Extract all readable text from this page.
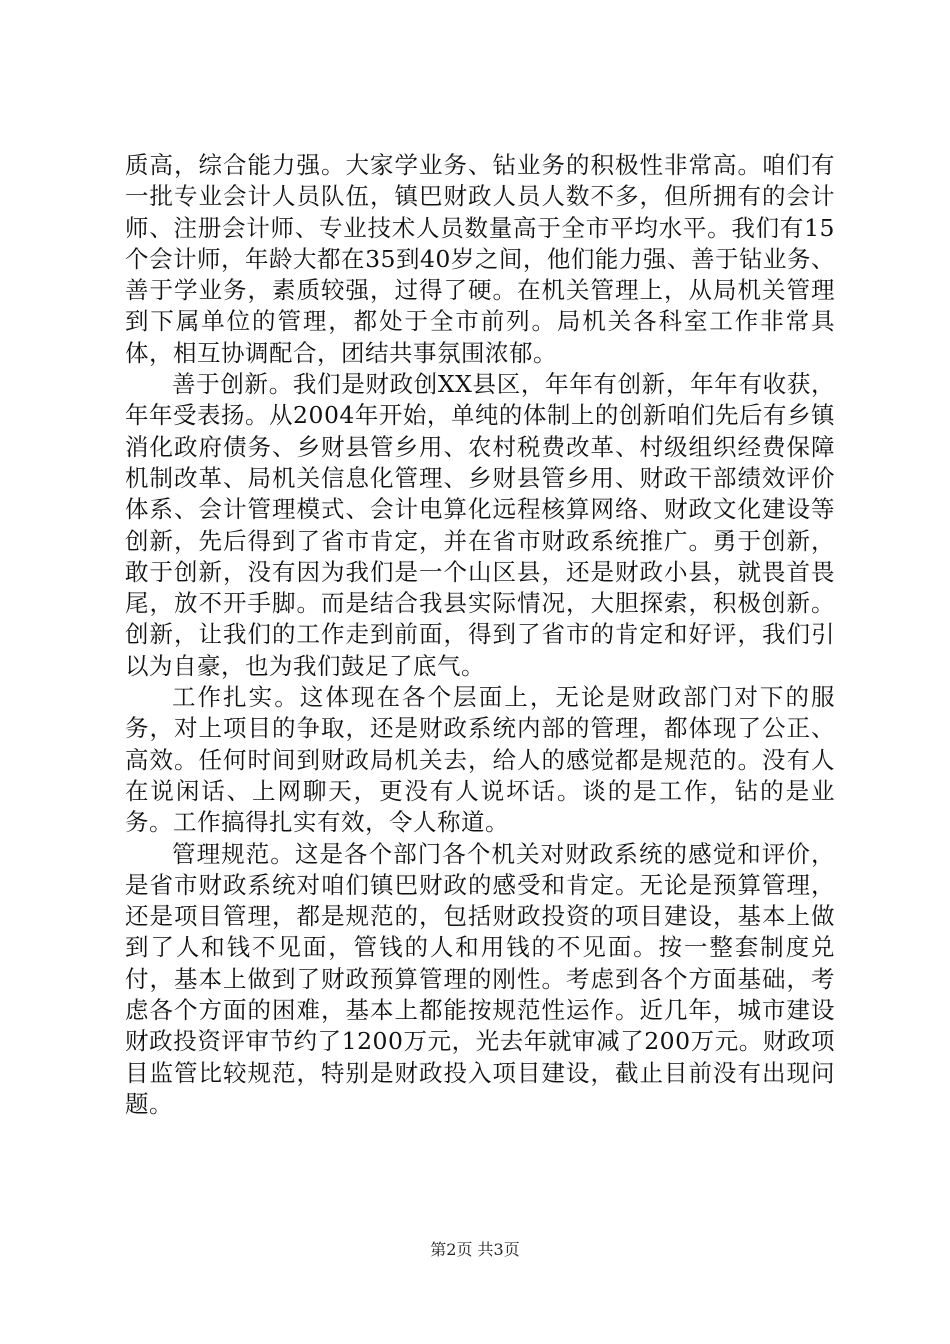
质高，综合能力强。大家学业务、钻业务的积极性非常高。咱们有一批专业会计人员队伍，镇巴财政人员人数不多，但所拥有的会计师、注册会计师、专业技术人员数量高于全市平均水平。我们有15个会计师，年龄大都在35到40岁之间，他们能力强、善于钻业务、善于学业务，素质较强，过得了硬。在机关管理上，从局机关管理到下属单位的管理，都处于全市前列。局机关各科室工作非常具体，相互协调配合，团结共事氛围浓郁。

善于创新。我们是财政创XX县区，年年有创新，年年有收获，年年受表扬。从2004年开始，单纯的体制上的创新咱们先后有乡镇消化政府债务、乡财县管乡用、农村税费改革、村级组织经费保障机制改革、局机关信息化管理、乡财县管乡用、财政干部绩效评价体系、会计管理模式、会计电算化远程核算网络、财政文化建设等创新，先后得到了省市肯定，并在省市财政系统推广。勇于创新，敢于创新，没有因为我们是一个山区县，还是财政小县，就畏首畏尾，放不开手脚。而是结合我县实际情况，大胆探索，积极创新。创新，让我们的工作走到前面，得到了省市的肯定和好评，我们引以为自豪，也为我们鼓足了底气。

工作扎实。这体现在各个层面上，无论是财政部门对下的服务，对上项目的争取，还是财政系统内部的管理，都体现了公正、高效。任何时间到财政局机关去，给人的感觉都是规范的。没有人在说闲话、上网聊天，更没有人说坏话。谈的是工作，钻的是业务。工作搞得扎实有效，令人称道。

管理规范。这是各个部门各个机关对财政系统的感觉和评价，是省市财政系统对咱们镇巴财政的感受和肯定。无论是预算管理，还是项目管理，都是规范的，包括财政投资的项目建设，基本上做到了人和钱不见面，管钱的人和用钱的不见面。按一整套制度兑付，基本上做到了财政预算管理的刚性。考虑到各个方面基础，考虑各个方面的困难，基本上都能按规范性运作。近几年，城市建设财政投资评审节约了1200万元，光去年就审减了200万元。财政项目监管比较规范，特别是财政投入项目建设，截止目前没有出现问题。

第2页 共3页
